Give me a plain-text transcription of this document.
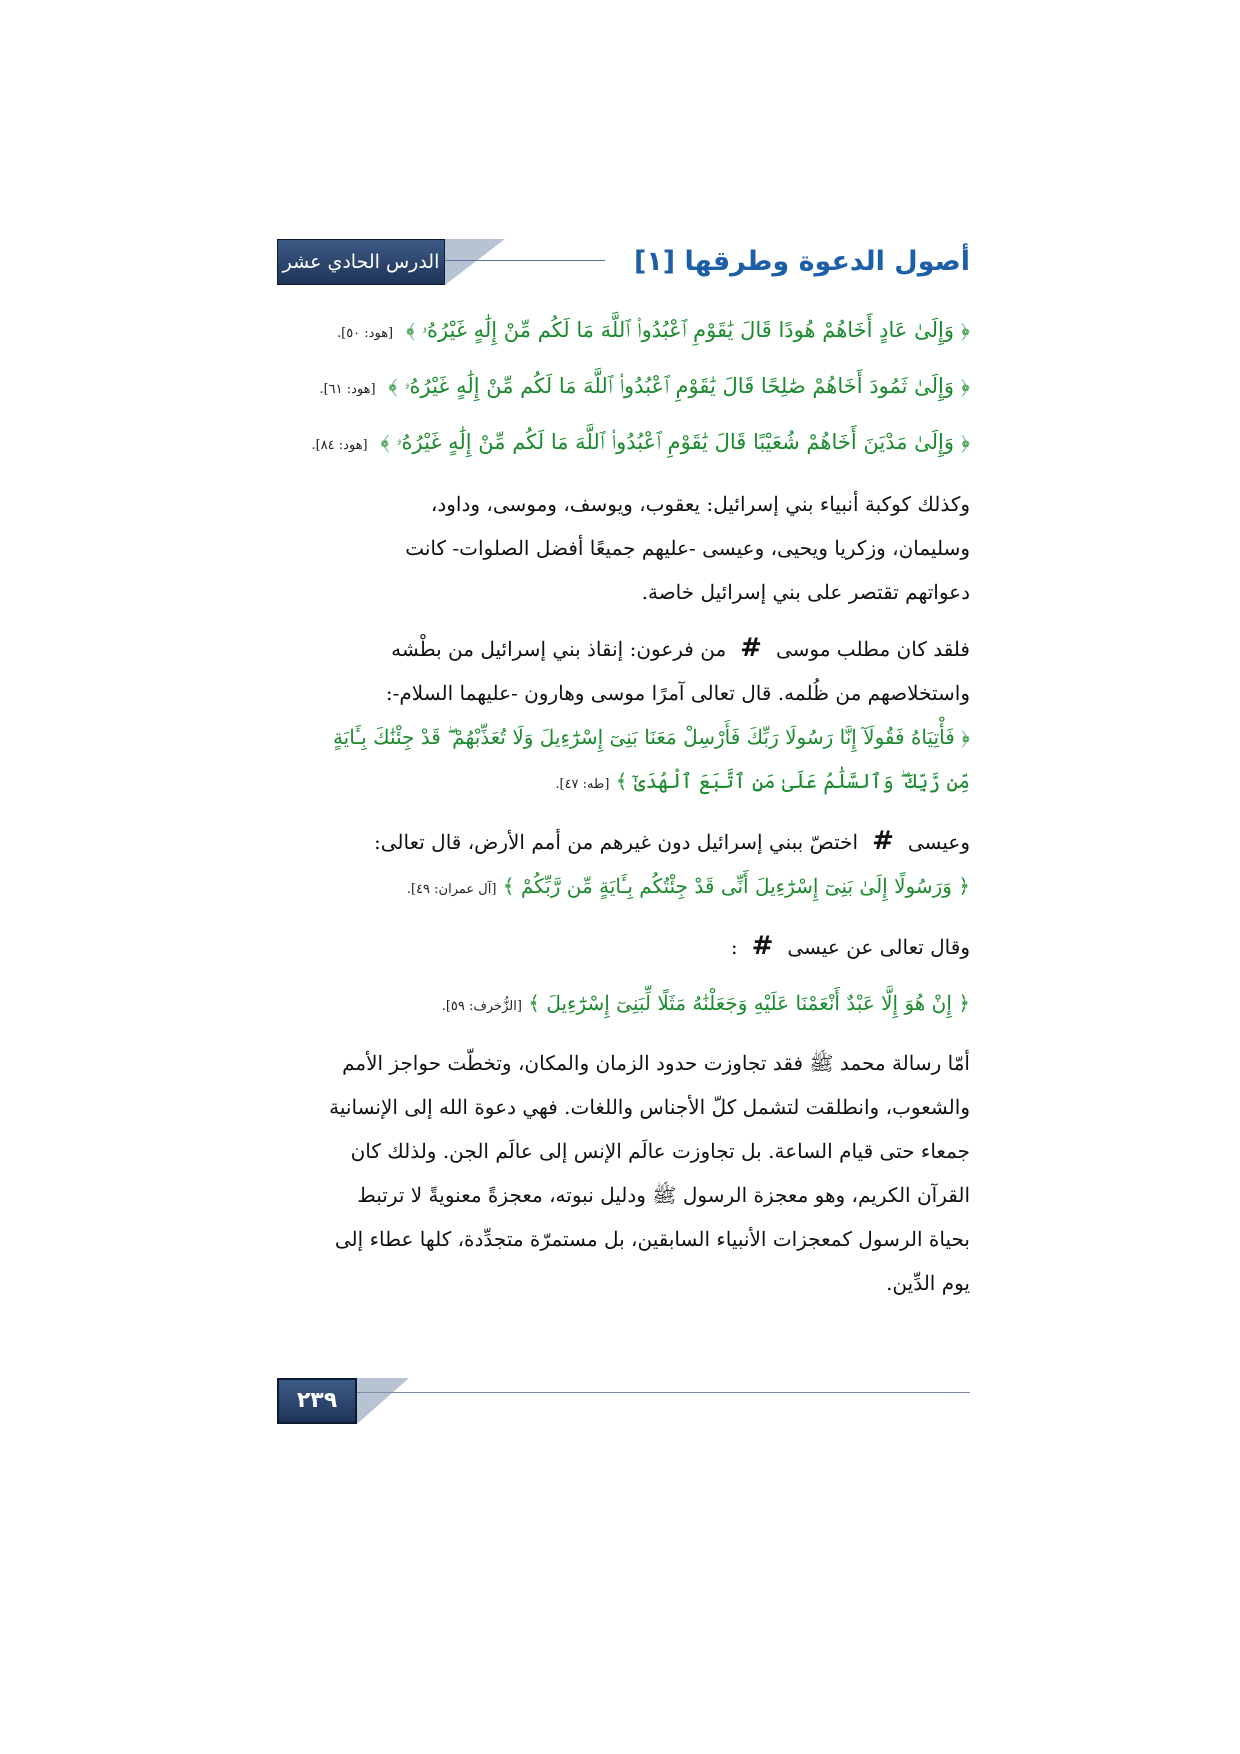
الدرس الحادي عشر	أصول الدعوة وطرقها [١]
﴿ وَإِلَىٰ عَادٍ أَخَاهُمْ هُودًا قَالَ يَٰقَوْمِ ٱعْبُدُوا۟ ٱللَّهَ مَا لَكُم مِّنْ إِلَٰهٍ غَيْرُهُۥ ﴾ [هود: ٥٠].
﴿ وَإِلَىٰ ثَمُودَ أَخَاهُمْ صَٰلِحًا قَالَ يَٰقَوْمِ ٱعْبُدُوا۟ ٱللَّهَ مَا لَكُم مِّنْ إِلَٰهٍ غَيْرُهُۥ ﴾ [هود: ٦١].
﴿ وَإِلَىٰ مَدْيَنَ أَخَاهُمْ شُعَيْبًا قَالَ يَٰقَوْمِ ٱعْبُدُوا۟ ٱللَّهَ مَا لَكُم مِّنْ إِلَٰهٍ غَيْرُهُۥ ﴾ [هود: ٨٤].
وكذلك كوكبة أنبياء بني إسرائيل: يعقوب، ويوسف، وموسى، وداود،
وسليمان، وزكريا ويحيى، وعيسى -عليهم جميعًا أفضل الصلوات- كانت
دعواتهم تقتصر على بني إسرائيل خاصة.
فلقد كان مطلب موسى#من فرعون: إنقاذ بني إسرائيل من بطْشه
واستخلاصهم من ظُلمه. قال تعالى آمرًا موسى وهارون -عليهما السلام-:
﴿ فَأْتِيَاهُ فَقُولَآ إِنَّا رَسُولَا رَبِّكَ فَأَرْسِلْ مَعَنَا بَنِىٓ إِسْرَٰٓءِيلَ وَلَا تُعَذِّبْهُمْ ۖ قَدْ جِئْنَٰكَ بِـَٔايَةٍ
مِّن رَّبِّكَ ۖ وَٱلسَّلَٰمُ عَلَىٰ مَنِ ٱتَّبَعَ ٱلْهُدَىٰٓ ﴾ [طه: ٤٧].
وعيسى#اختصّ ببني إسرائيل دون غيرهم من أمم الأرض، قال تعالى:
﴿ وَرَسُولًا إِلَىٰ بَنِىٓ إِسْرَٰٓءِيلَ أَنِّى قَدْ جِئْتُكُم بِـَٔايَةٍ مِّن رَّبِّكُمْ ﴾ [آل عمران: ٤٩].
وقال تعالى عن عيسى#:
﴿ إِنْ هُوَ إِلَّا عَبْدٌ أَنْعَمْنَا عَلَيْهِ وَجَعَلْنَٰهُ مَثَلًا لِّبَنِىٓ إِسْرَٰٓءِيلَ ﴾ [الزُّخرف: ٥٩].
أمّا رسالة محمد ﷺ فقد تجاوزت حدود الزمان والمكان، وتخطّت حواجز الأمم
والشعوب، وانطلقت لتشمل كلّ الأجناس واللغات. فهي دعوة الله إلى الإنسانية
جمعاء حتى قيام الساعة. بل تجاوزت عالَم الإنس إلى عالَم الجن. ولذلك كان
القرآن الكريم، وهو معجزة الرسول ﷺ ودليل نبوته، معجزةً معنويةً لا ترتبط
بحياة الرسول كمعجزات الأنبياء السابقين، بل مستمرّة متجدِّدة، كلها عطاء إلى
يوم الدِّين.
٢٣٩
